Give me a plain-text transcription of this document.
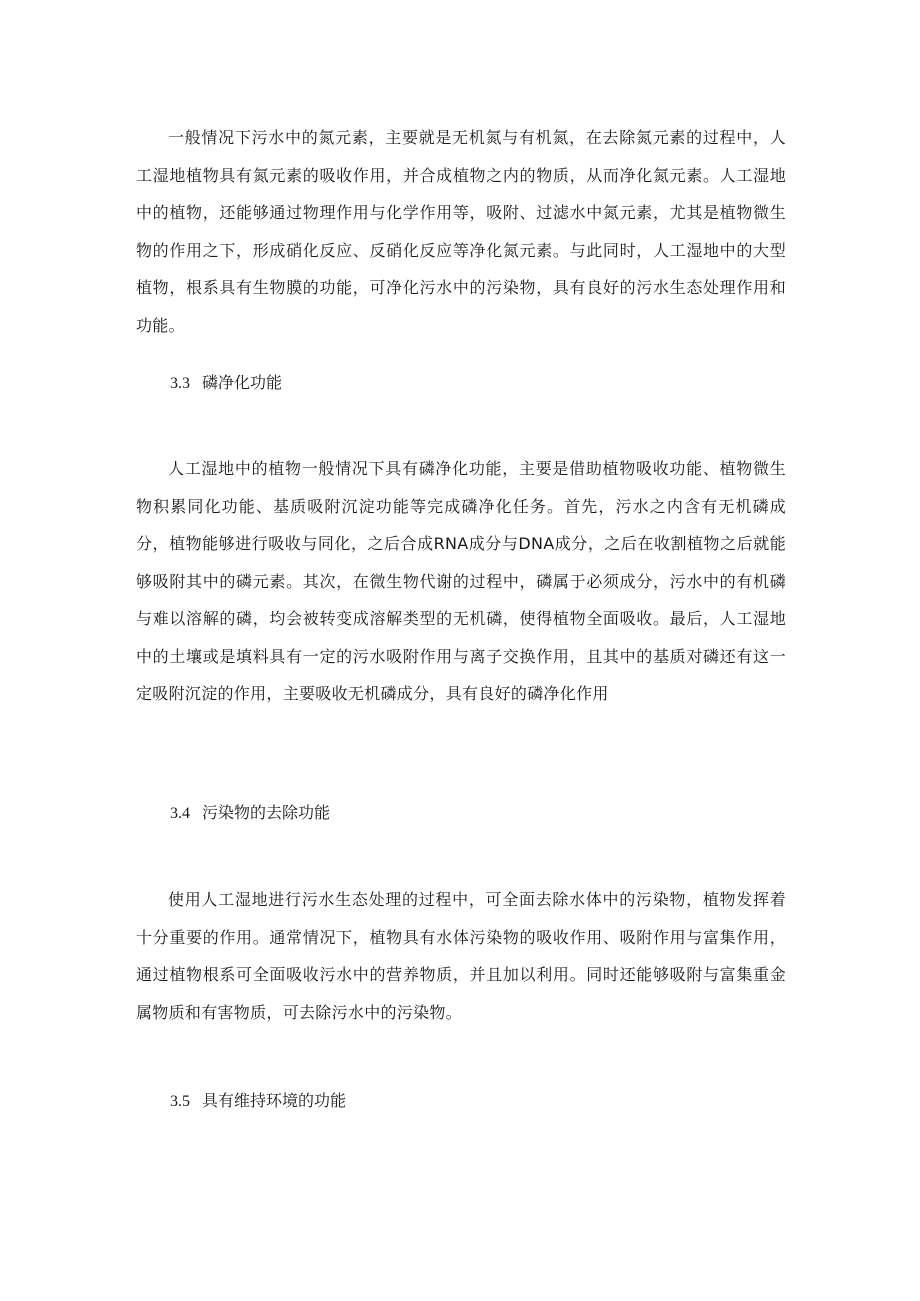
一般情况下污水中的氮元素，主要就是无机氮与有机氮，在去除氮元素的过程中，人工湿地植物具有氮元素的吸收作用，并合成植物之内的物质，从而净化氮元素。人工湿地中的植物，还能够通过物理作用与化学作用等，吸附、过滤水中氮元素，尤其是植物微生物的作用之下，形成硝化反应、反硝化反应等净化氮元素。与此同时，人工湿地中的大型植物，根系具有生物膜的功能，可净化污水中的污染物，具有良好的污水生态处理作用和功能。

3.3 磷净化功能

人工湿地中的植物一般情况下具有磷净化功能，主要是借助植物吸收功能、植物微生物积累同化功能、基质吸附沉淀功能等完成磷净化任务。首先，污水之内含有无机磷成分，植物能够进行吸收与同化，之后合成RNA成分与DNA成分，之后在收割植物之后就能够吸附其中的磷元素。其次，在微生物代谢的过程中，磷属于必须成分，污水中的有机磷与难以溶解的磷，均会被转变成溶解类型的无机磷，使得植物全面吸收。最后，人工湿地中的土壤或是填料具有一定的污水吸附作用与离子交换作用，且其中的基质对磷还有这一定吸附沉淀的作用，主要吸收无机磷成分，具有良好的磷净化作用

3.4 污染物的去除功能

使用人工湿地进行污水生态处理的过程中，可全面去除水体中的污染物，植物发挥着十分重要的作用。通常情况下，植物具有水体污染物的吸收作用、吸附作用与富集作用，通过植物根系可全面吸收污水中的营养物质，并且加以利用。同时还能够吸附与富集重金属物质和有害物质，可去除污水中的污染物。

3.5 具有维持环境的功能
